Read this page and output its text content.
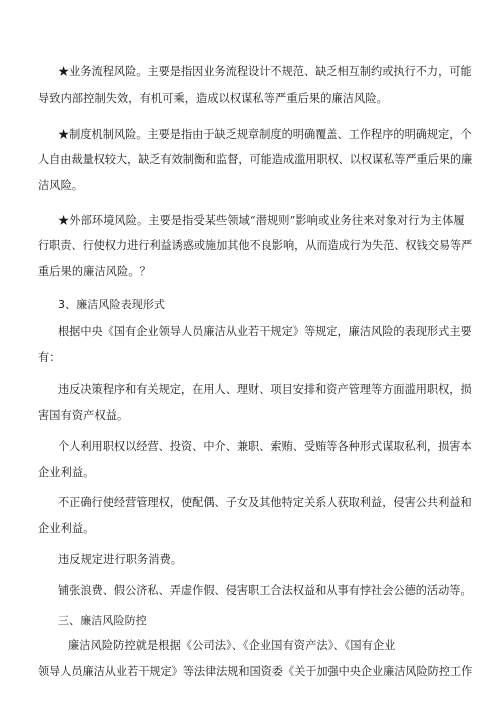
★业务流程风险。主要是指因业务流程设计不规范、缺乏相互制约或执行不力，可能
导致内部控制失效，有机可乘，造成以权谋私等严重后果的廉洁风险。
★制度机制风险。主要是指由于缺乏规章制度的明确覆盖、工作程序的明确规定，个
人自由裁量权较大，缺乏有效制衡和监督，可能造成滥用职权、以权谋私等严重后果的廉
洁风险。
★外部环境风险。主要是指受某些领域“潜规则”影响或业务往来对象对行为主体履
行职责、行使权力进行利益诱惑或施加其他不良影响，从而造成行为失范、权钱交易等严
重后果的廉洁风险。？
3、廉洁风险表现形式
根据中央《国有企业领导人员廉洁从业若干规定》等规定，廉洁风险的表现形式主要
有：
违反决策程序和有关规定，在用人、理财、项目安排和资产管理等方面滥用职权，损
害国有资产权益。
个人利用职权以经营、投资、中介、兼职、索贿、受贿等各种形式谋取私利，损害本
企业利益。
不正确行使经营管理权，使配偶、子女及其他特定关系人获取利益，侵害公共利益和
企业利益。
违反规定进行职务消费。
铺张浪费、假公济私、弄虚作假、侵害职工合法权益和从事有悖社会公德的活动等。
三、廉洁风险防控
廉洁风险防控就是根据《公司法》、《企业国有资产法》、《国有企业
领导人员廉洁从业若干规定》等法律法规和国资委《关于加强中央企业廉洁风险防控工作
